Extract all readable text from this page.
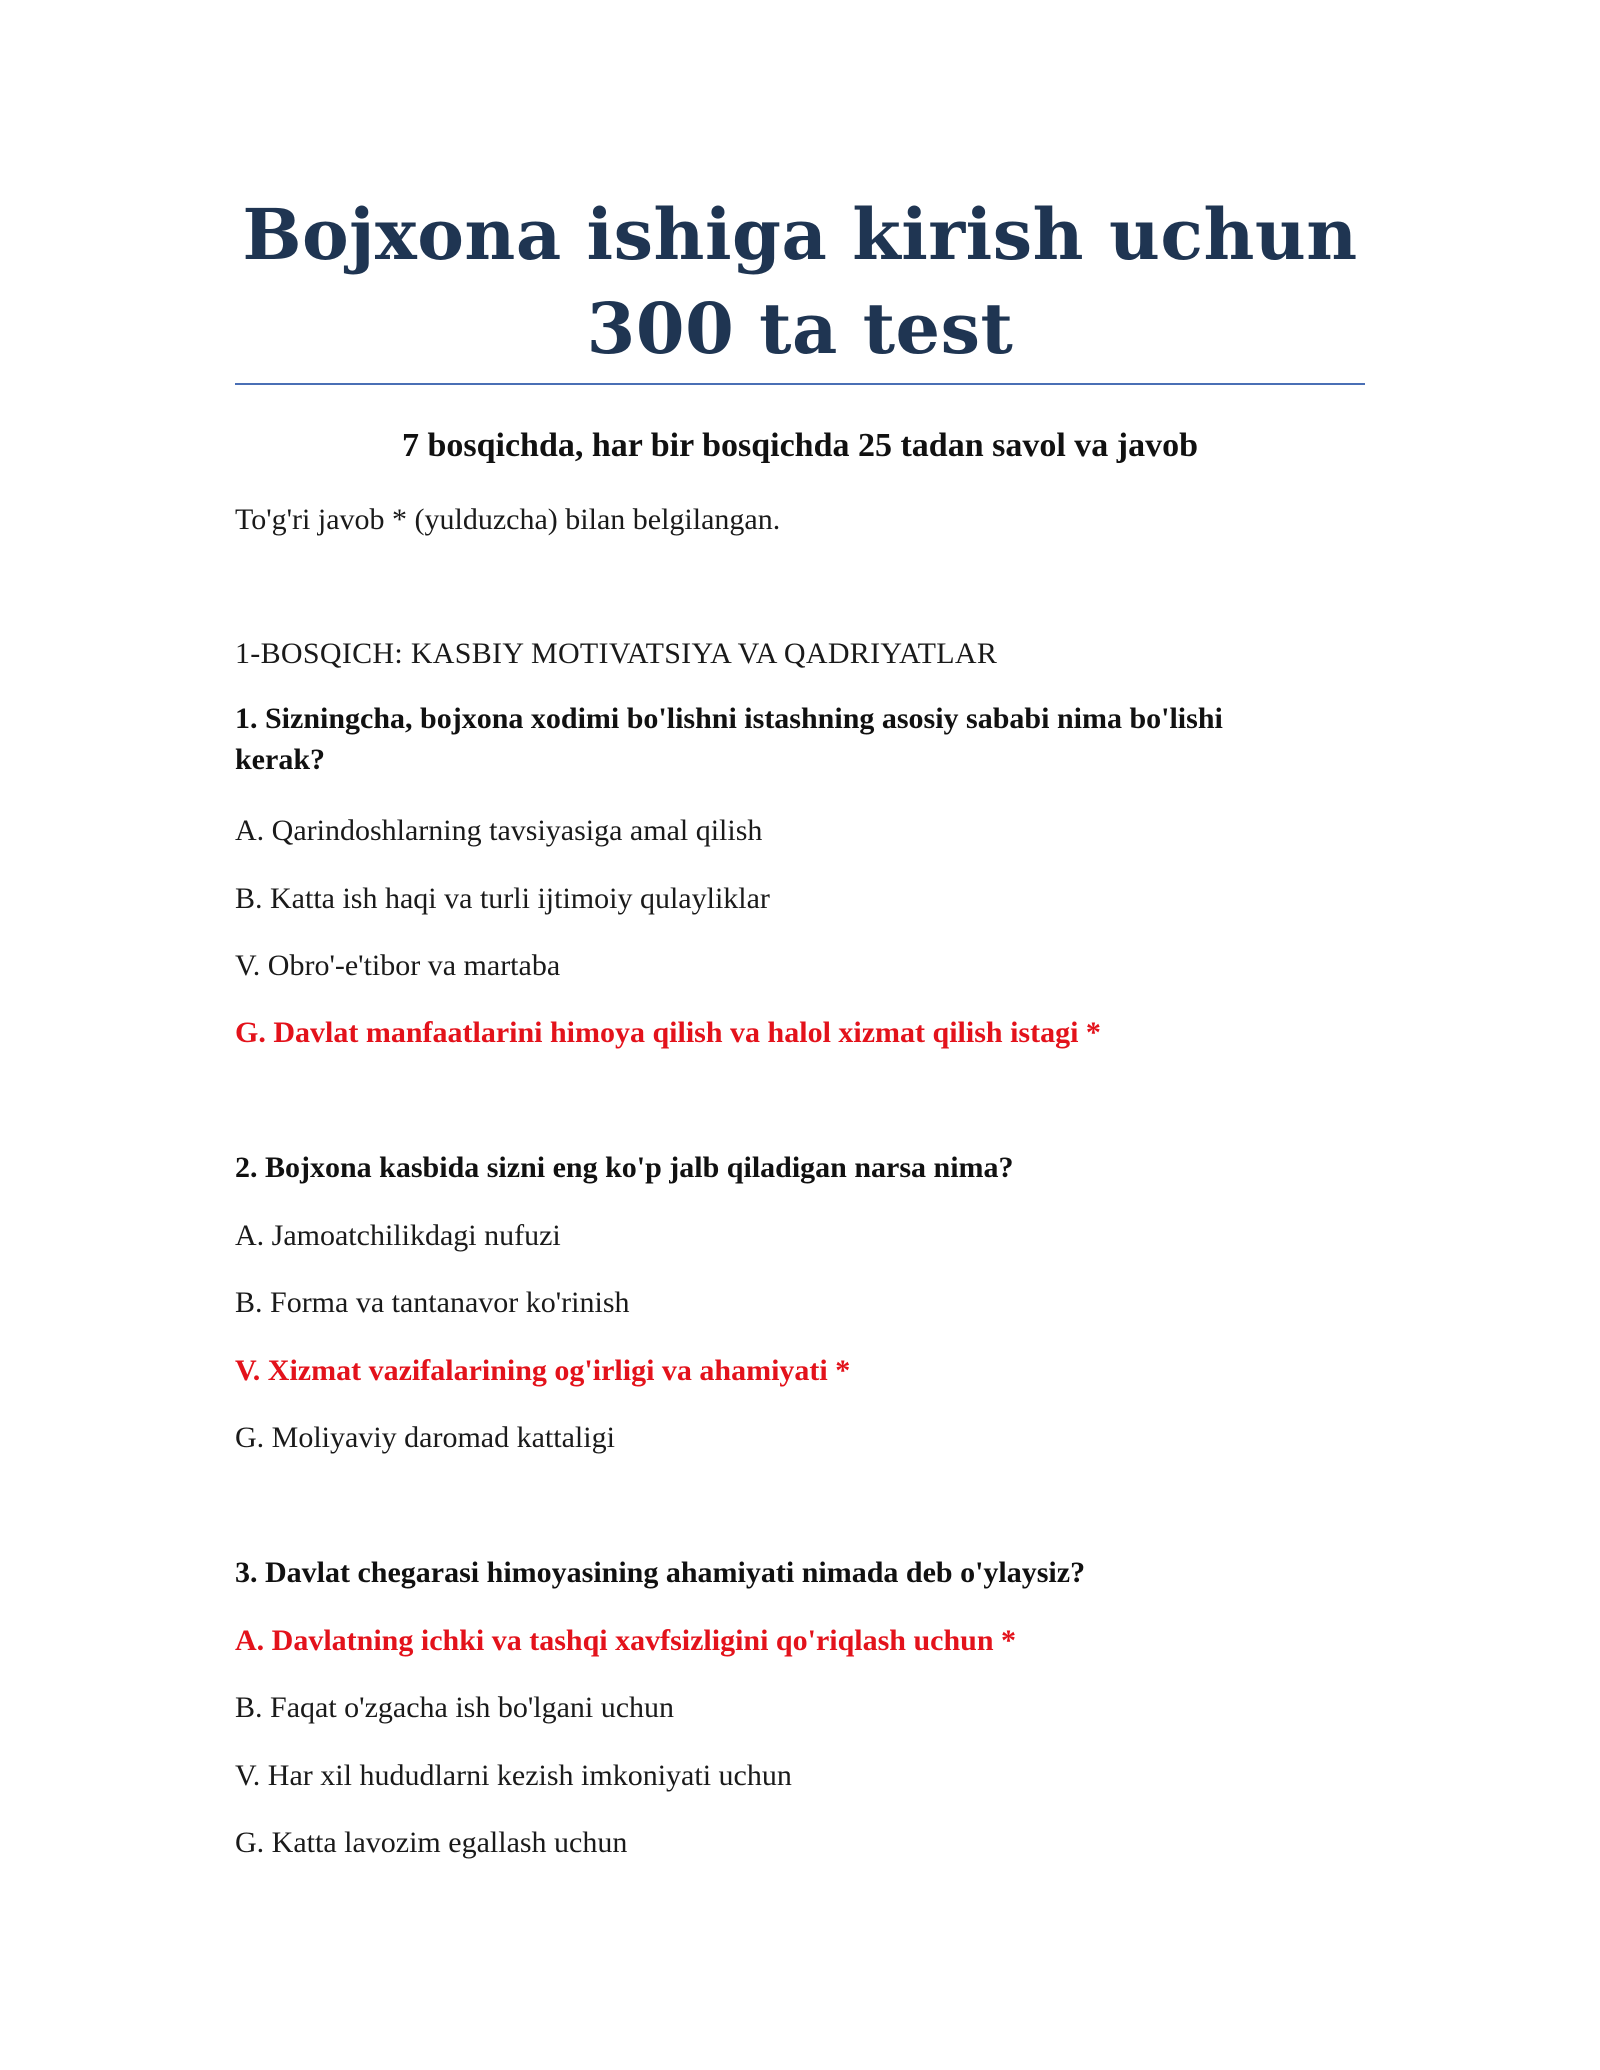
Bojxona ishiga kirish uchun 300 ta test
7 bosqichda, har bir bosqichda 25 tadan savol va javob
To'g'ri javob * (yulduzcha) bilan belgilangan.
1-BOSQICH: KASBIY MOTIVATSIYA VA QADRIYATLAR
1. Sizningcha, bojxona xodimi bo'lishni istashning asosiy sababi nima bo'lishi kerak?
A. Qarindoshlarning tavsiyasiga amal qilish
B. Katta ish haqi va turli ijtimoiy qulayliklar
V. Obro'-e'tibor va martaba
G. Davlat manfaatlarini himoya qilish va halol xizmat qilish istagi *
2. Bojxona kasbida sizni eng ko'p jalb qiladigan narsa nima?
A. Jamoatchilikdagi nufuzi
B. Forma va tantanavor ko'rinish
V. Xizmat vazifalarining og'irligi va ahamiyati *
G. Moliyaviy daromad kattaligi
3. Davlat chegarasi himoyasining ahamiyati nimada deb o'ylaysiz?
A. Davlatning ichki va tashqi xavfsizligini qo'riqlash uchun *
B. Faqat o'zgacha ish bo'lgani uchun
V. Har xil hududlarni kezish imkoniyati uchun
G. Katta lavozim egallash uchun
